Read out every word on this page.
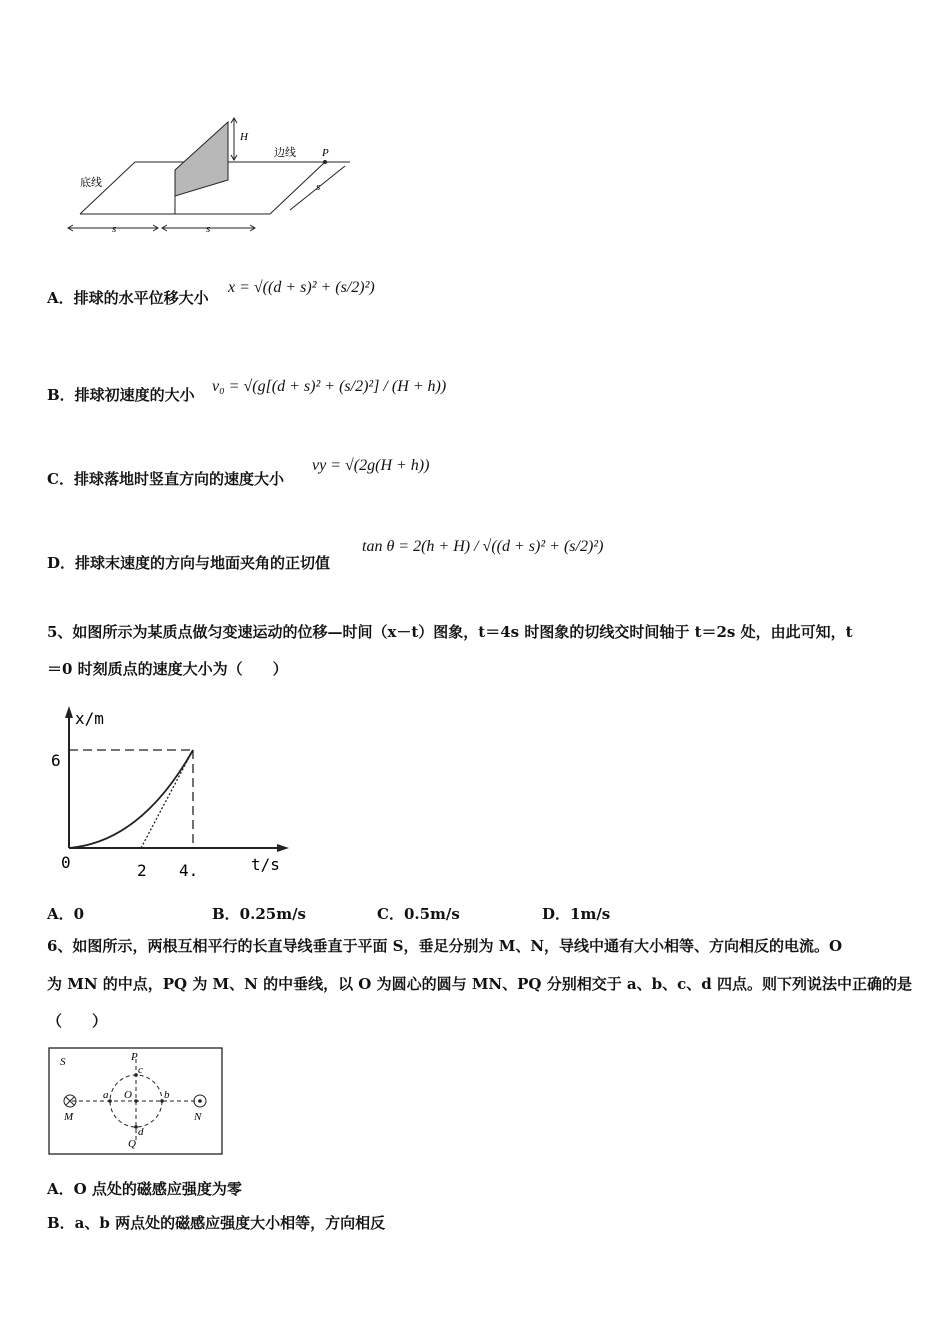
H
边线 P
底线	s
s	s
A．排球的水平位移大小
x = √((d + s)² + (s/2)²)
B．排球初速度的大小 v₀ = √(g[(d + s)² + (s/2)²] / (H + h))
C．排球落地时竖直方向的速度大小
vy = √(2g(H + h))
D．排球末速度的方向与地面夹角的正切值
tan θ = 2(h + H) / √((d + s)² + (s/2)²)
5、如图所示为某质点做匀变速运动的位移—时间（x－t）图象，t＝4s 时图象的切线交时间轴于 t＝2s 处，由此可知，t
＝0 时刻质点的速度大小为（　　）
x/m
t/s
6
0	2 4.
A．0	B．0.25m/s	C．0.5m/s	D．1m/s
6、如图所示，两根互相平行的长直导线垂直于平面 S，垂足分别为 M、N，导线中通有大小相等、方向相反的电流。O
为 MN 的中点，PQ 为 M、N 的中垂线，以 O 为圆心的圆与 MN、PQ 分别相交于 a、b、c、d 四点。则下列说法中正确的是
（　　）
S	P
c
a O	b
M	N
d
Q
A．O 点处的磁感应强度为零
B．a、b 两点处的磁感应强度大小相等，方向相反
